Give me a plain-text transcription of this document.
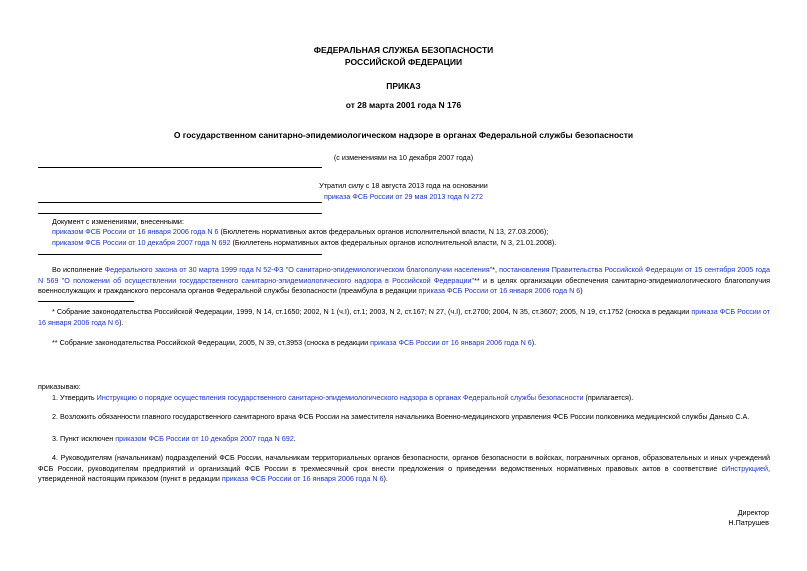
ФЕДЕРАЛЬНАЯ СЛУЖБА БЕЗОПАСНОСТИ
РОССИЙСКОЙ ФЕДЕРАЦИИ
ПРИКАЗ
от 28 марта 2001 года N 176
О государственном санитарно-эпидемиологическом надзоре в органах Федеральной службы безопасности
(с изменениями на 10 декабря 2007 года)
Утратил силу с 18 августа 2013 года на основании
приказа ФСБ России от 29 мая 2013 года N 272
Документ с изменениями, внесенными:
приказом ФСБ России от 16 января 2006 года N 6 (Бюллетень нормативных актов федеральных органов исполнительной власти, N 13, 27.03.2006);
приказом ФСБ России от 10 декабря 2007 года N 692 (Бюллетень нормативных актов федеральных органов исполнительной власти, N 3, 21.01.2008).
Во исполнение Федерального закона от 30 марта 1999 года N 52-ФЗ "О санитарно-эпидемиологическом благополучии населения"*, постановления Правительства Российской Федерации от 15 сентября 2005 года N 569 "О положении об осуществлении государственного санитарно-эпидемиологического надзора в Российской Федерации"** и в целях организации обеспечения санитарно-эпидемиологического благополучия военнослужащих и гражданского персонала органов Федеральной службы безопасности (преамбула в редакции приказа ФСБ России от 16 января 2006 года N 6)
* Собрание законодательства Российской Федерации, 1999, N 14, ст.1650; 2002, N 1 (ч.I), ст.1; 2003, N 2, ст.167; N 27, (ч.I), ст.2700; 2004, N 35, ст.3607; 2005, N 19, ст.1752 (сноска в редакции приказа ФСБ России от 16 января 2006 года N 6).
** Собрание законодательства Российской Федерации, 2005, N 39, ст.3953 (сноска в редакции приказа ФСБ России от 16 января 2006 года N 6).
приказываю:
1. Утвердить Инструкцию о порядке осуществления государственного санитарно-эпидемиологического надзора в органах Федеральной службы безопасности (прилагается).
2. Возложить обязанности главного государственного санитарного врача ФСБ России на заместителя начальника Военно-медицинского управления ФСБ России полковника медицинской службы Данько С.А.
3. Пункт исключен приказом ФСБ России от 10 декабря 2007 года N 692.
4. Руководителям (начальникам) подразделений ФСБ России, начальникам территориальных органов безопасности, органов безопасности в войсках, пограничных органов, образовательных и иных учреждений ФСБ России, руководителям предприятий и организаций ФСБ России в трехмесячный срок внести предложения о приведении ведомственных нормативных правовых актов в соответствие сИнструкцией, утвержденной настоящим приказом (пункт в редакции приказа ФСБ России от 16 января 2006 года N 6).
Директор
Н.Патрушев
